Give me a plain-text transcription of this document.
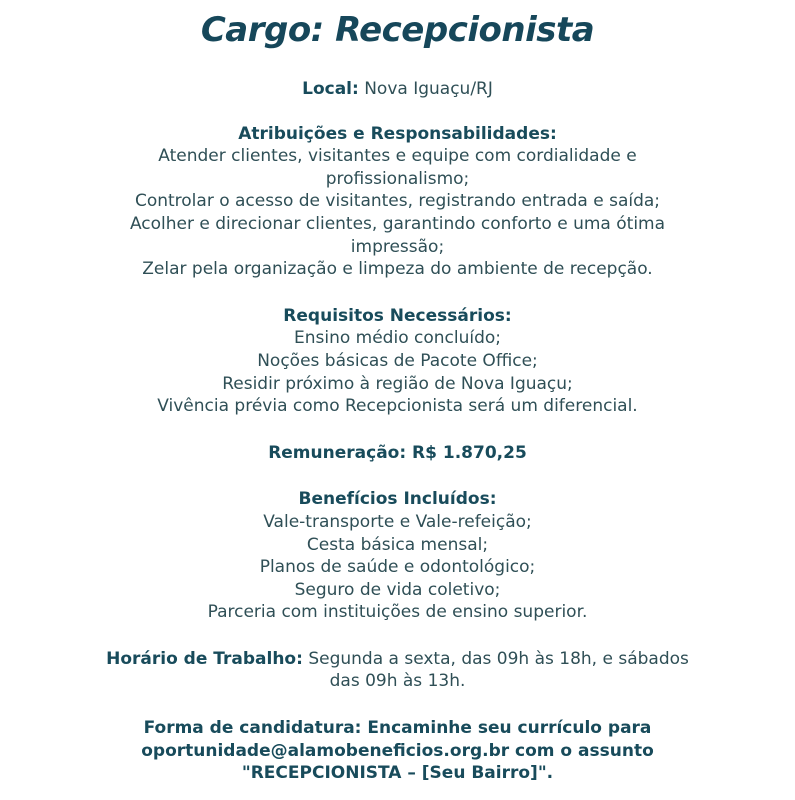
Cargo: Recepcionista
Local: Nova Iguaçu/RJ
Atribuições e Responsabilidades:
Atender clientes, visitantes e equipe com cordialidade e
profissionalismo;
Controlar o acesso de visitantes, registrando entrada e saída;
Acolher e direcionar clientes, garantindo conforto e uma ótima
impressão;
Zelar pela organização e limpeza do ambiente de recepção.
Requisitos Necessários:
Ensino médio concluído;
Noções básicas de Pacote Office;
Residir próximo à região de Nova Iguaçu;
Vivência prévia como Recepcionista será um diferencial.
Remuneração: R$ 1.870,25
Benefícios Incluídos:
Vale-transporte e Vale-refeição;
Cesta básica mensal;
Planos de saúde e odontológico;
Seguro de vida coletivo;
Parceria com instituições de ensino superior.
Horário de Trabalho: Segunda a sexta, das 09h às 18h, e sábados
das 09h às 13h.
Forma de candidatura: Encaminhe seu currículo para
oportunidade@alamobeneficios.org.br com o assunto
"RECEPCIONISTA – [Seu Bairro]".
